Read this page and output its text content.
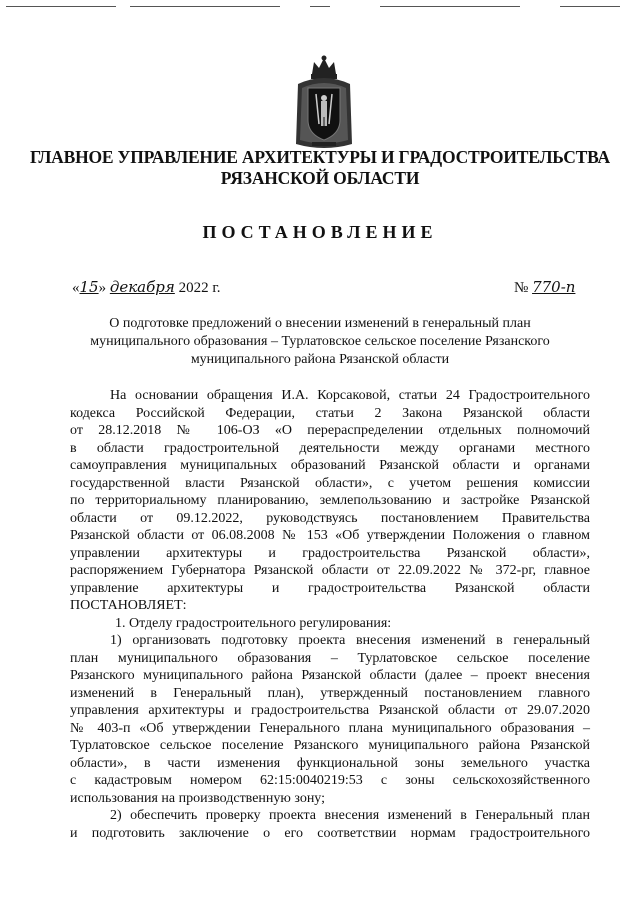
ГЛАВНОЕ УПРАВЛЕНИЕ АРХИТЕКТУРЫ И ГРАДОСТРОИТЕЛЬСТВА
РЯЗАНСКОЙ ОБЛАСТИ
ПОСТАНОВЛЕНИЕ
«15» декабря 2022 г.	№ 770-п
О подготовке предложений о внесении изменений в генеральный план
муниципального образования – Турлатовское сельское поселение Рязанского
муниципального района Рязанской области
На основании обращения И.А. Корсаковой, статьи 24 Градостроительного
кодекса Российской Федерации, статьи 2 Закона Рязанской области
от 28.12.2018 № 106-ОЗ «О перераспределении отдельных полномочий
в области градостроительной деятельности между органами местного
самоуправления муниципальных образований Рязанской области и органами
государственной власти Рязанской области», с учетом решения комиссии
по территориальному планированию, землепользованию и застройке Рязанской
области от 09.12.2022, руководствуясь постановлением Правительства
Рязанской области от 06.08.2008 № 153 «Об утверждении Положения о главном
управлении архитектуры и градостроительства Рязанской области»,
распоряжением Губернатора Рязанской области от 22.09.2022 № 372-рг, главное
управление архитектуры и градостроительства Рязанской области
ПОСТАНОВЛЯЕТ:
1. Отделу градостроительного регулирования:
1) организовать подготовку проекта внесения изменений в генеральный
план муниципального образования – Турлатовское сельское поселение
Рязанского муниципального района Рязанской области (далее – проект внесения
изменений в Генеральный план), утвержденный постановлением главного
управления архитектуры и градостроительства Рязанской области от 29.07.2020
№ 403-п «Об утверждении Генерального плана муниципального образования –
Турлатовское сельское поселение Рязанского муниципального района Рязанской
области», в части изменения функциональной зоны земельного участка
с кадастровым номером 62:15:0040219:53 с зоны сельскохозяйственного
использования на производственную зону;
2) обеспечить проверку проекта внесения изменений в Генеральный план
и подготовить заключение о его соответствии нормам градостроительного
